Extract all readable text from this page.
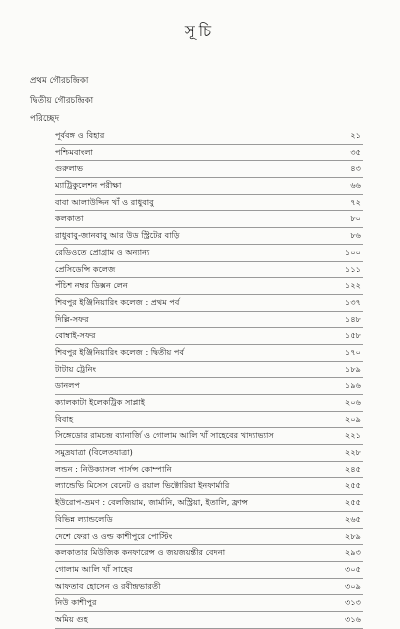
সূচি
প্রথম গৌরচন্দ্রিকা
দ্বিতীয় গৌরচন্দ্রিকা
পরিচ্ছেদ
পূর্ববঙ্গ ও বিহার	২১
পশ্চিমবাংলা	৩৫
গুরুলাভ	৪৩
ম্যাট্রিকুলেশন পরীক্ষা	৬৬
বাবা আলাউদ্দিন খাঁ ও রাধুবাবু	৭২
কলকাতা	৮০
রাধুবাবু-জানবাবু আর উড স্ট্রিটের বাড়ি	৮৬
রেডিওতে প্রোগ্রাম ও অন্যান্য	১০০
প্রেসিডেন্সি কলেজ	১১১
পঁচিশ নম্বর ডিক্সন লেন	১২২
শিবপুর ইঞ্জিনিয়ারিং কলেজ : প্রথম পর্ব	১৩৭
দিল্লি-সফর	১৪৮
বোম্বাই-সফর	১৫৮
শিবপুর ইঞ্জিনিয়ারিং কলেজ : দ্বিতীয় পর্ব	১৭০
টাটায় ট্রেনিং	১৮৯
ডানলপ	১৯৬
ক্যালকাটা ইলেকট্রিক সাপ্লাই	২০৬
বিবাহ	২০৯
সিঙ্গেডোর রামচন্দ্র ব্যানার্জি ও গোলাম আলি খাঁ সাহেবের খাদ্যাভ্যাস	২২১
সমুদ্রযাত্রা (বিলেতযাত্রা)	২২৮
লন্ডন : নিউক্যাসল পার্সন্স কোম্পানি	২৪৫
ল্যান্ডেভি মিসেস বেনেট ও রয়াল ভিক্টোরিয়া ইনফার্মারি	২৫৫
ইউরোপ-ভ্রমণ : বেলজিয়াম, জার্মানি, অস্ট্রিয়া, ইতালি, ফ্রান্স	২৫৫
বিভিন্ন ল্যান্ডলেডি	২৬৫
দেশে ফেরা ও ওল্ড কাশীপুরে পোস্টিং	২৮৯
কলকাতার মিউজিক কনফারেন্স ও জয়জয়ন্তীর বেদনা	২৯৩
গোলাম আলি খাঁ সাহেব	৩০৫
আফতাব হোসেন ও রবীন্দ্রভারতী	৩০৯
নিউ কাশীপুর	৩১৩
অমিয় গুহ	৩১৬
